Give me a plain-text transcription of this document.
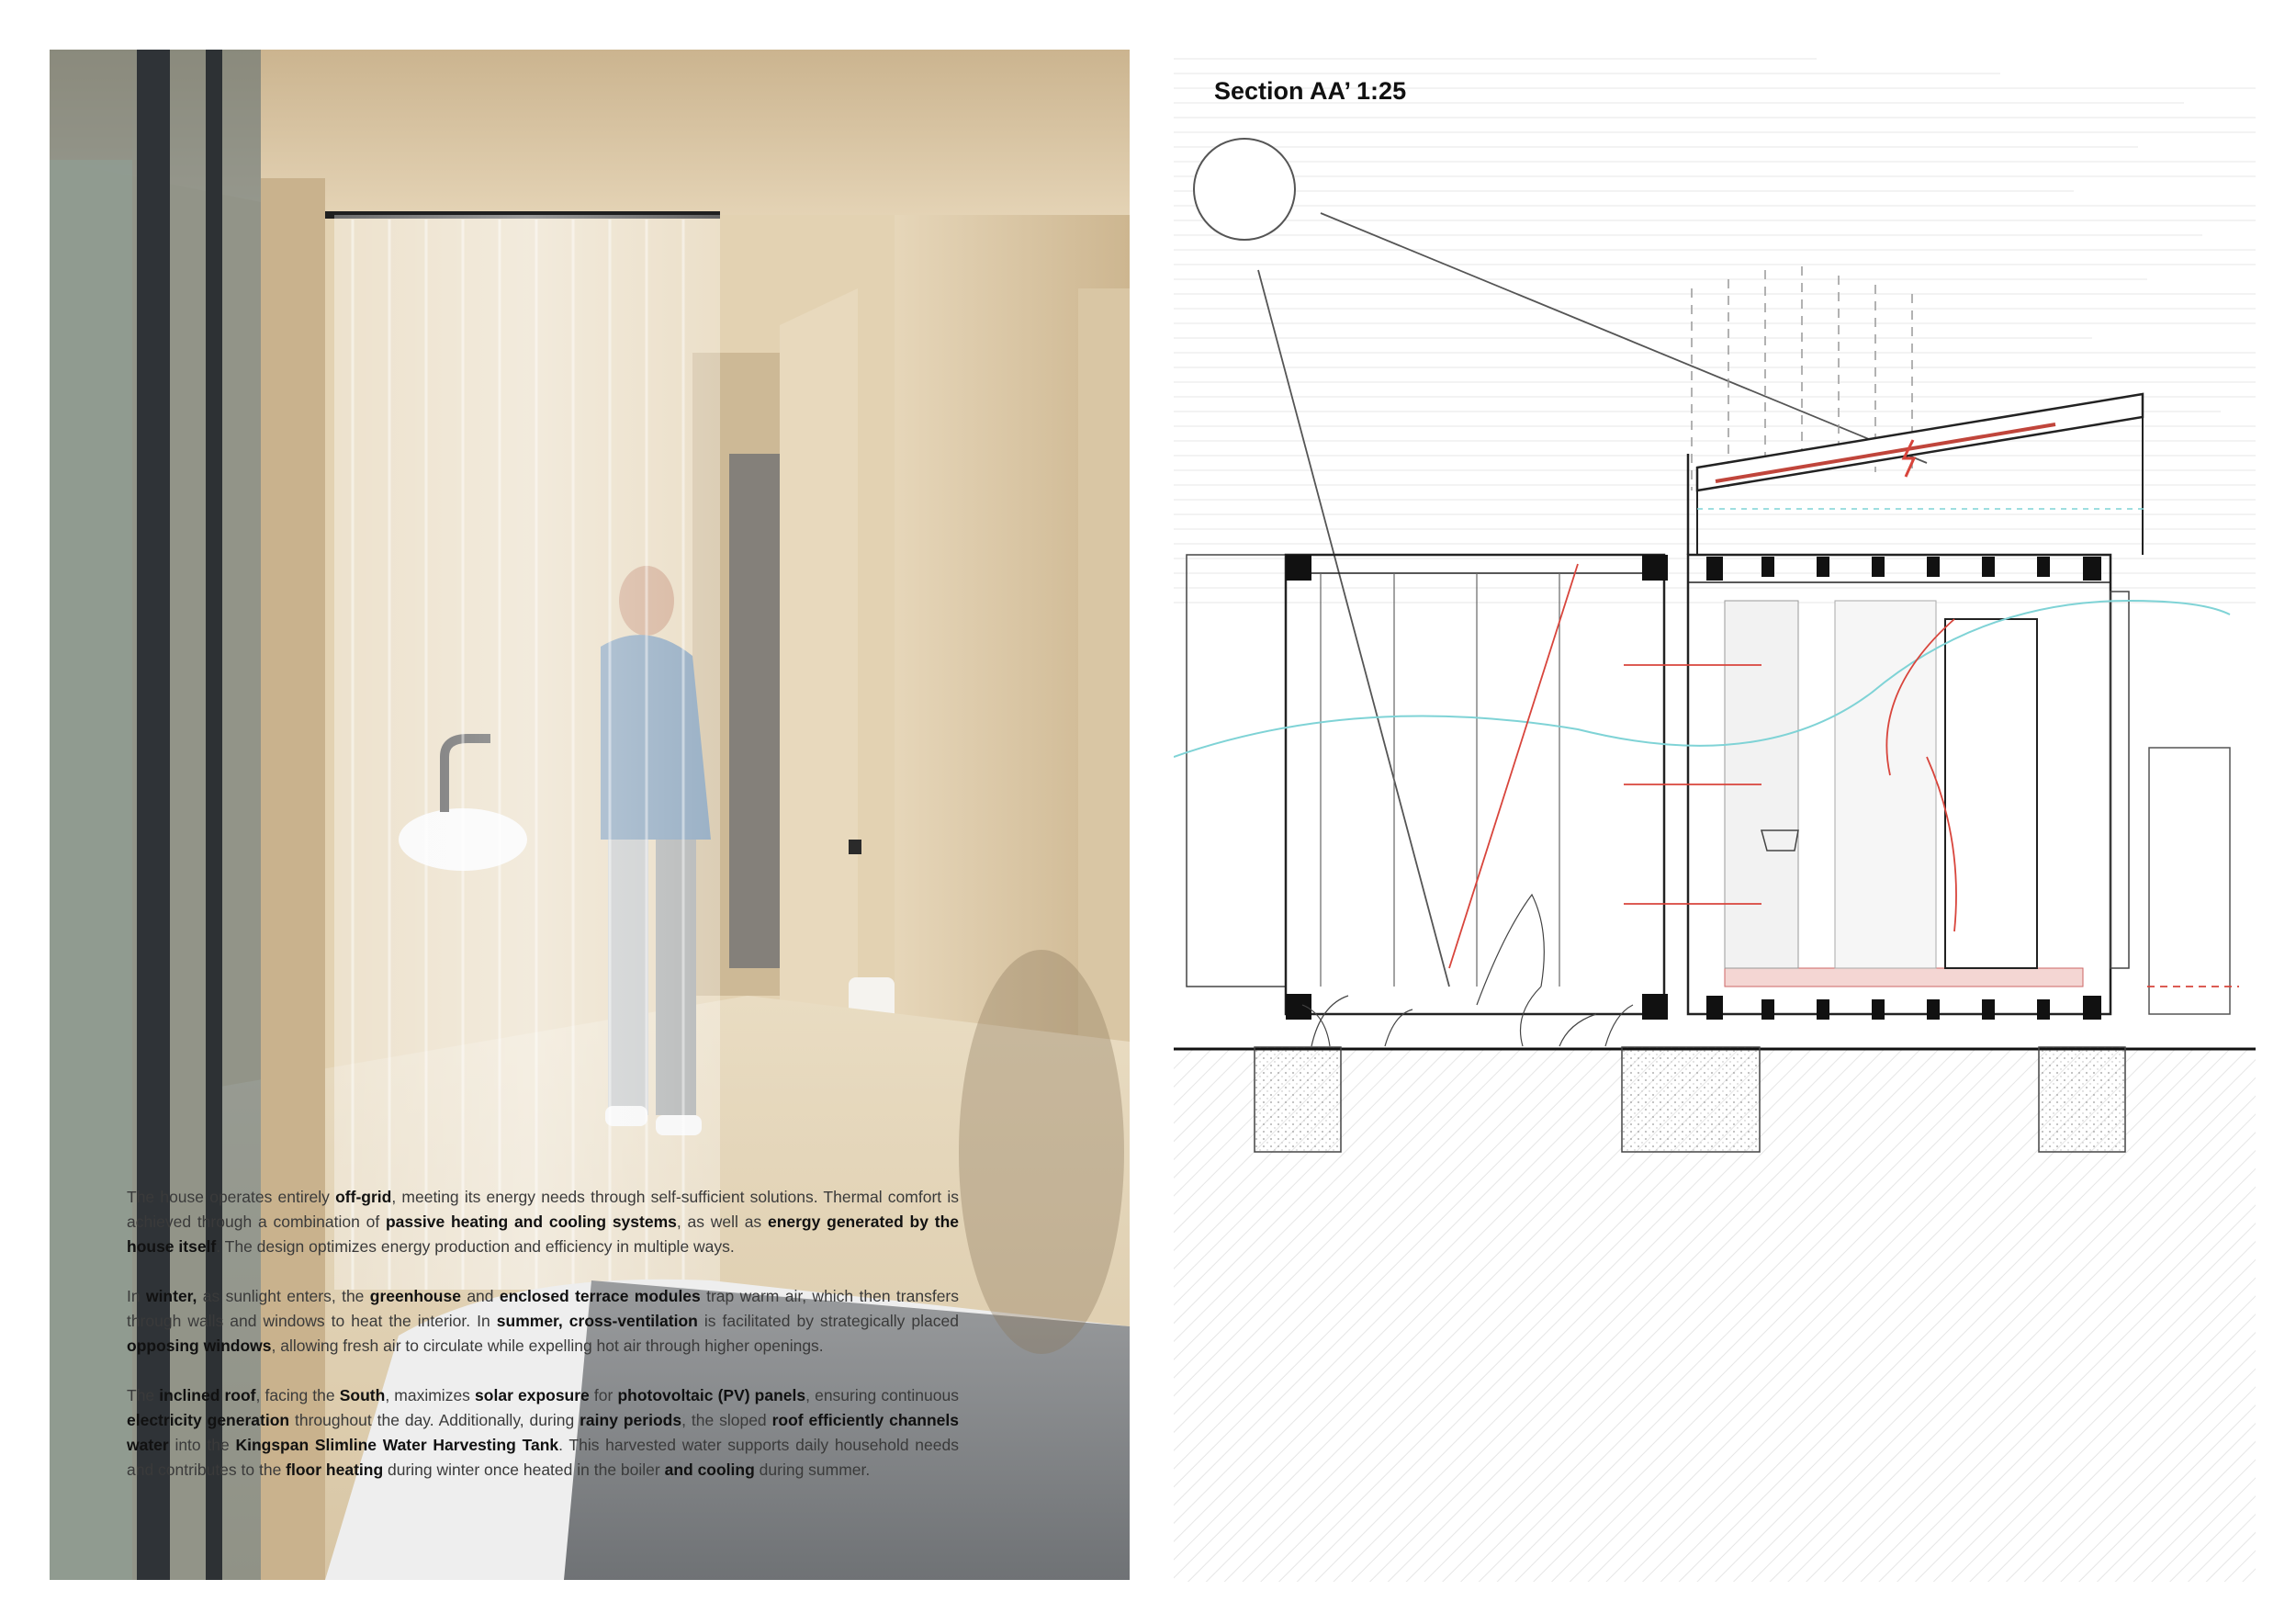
Section AA’ 1:25

The house operates entirely off-grid, meeting its energy needs through self-sufficient solutions. Thermal comfort is achieved through a combination of passive heating and cooling systems, as well as energy generated by the house itself. The design optimizes energy production and efficiency in multiple ways.

In winter, as sunlight enters, the greenhouse and enclosed terrace modules trap warm air, which then transfers through walls and windows to heat the interior. In summer, cross-ventilation is facilitated by strategically placed opposing windows, allowing fresh air to circulate while expelling hot air through higher openings.

The inclined roof, facing the South, maximizes solar exposure for photovoltaic (PV) panels, ensuring continuous electricity generation throughout the day. Additionally, during rainy periods, the sloped roof efficiently channels water into the Kingspan Slimline Water Harvesting Tank. This harvested water supports daily household needs and contributes to the floor heating during winter once heated in the boiler and cooling during summer.
